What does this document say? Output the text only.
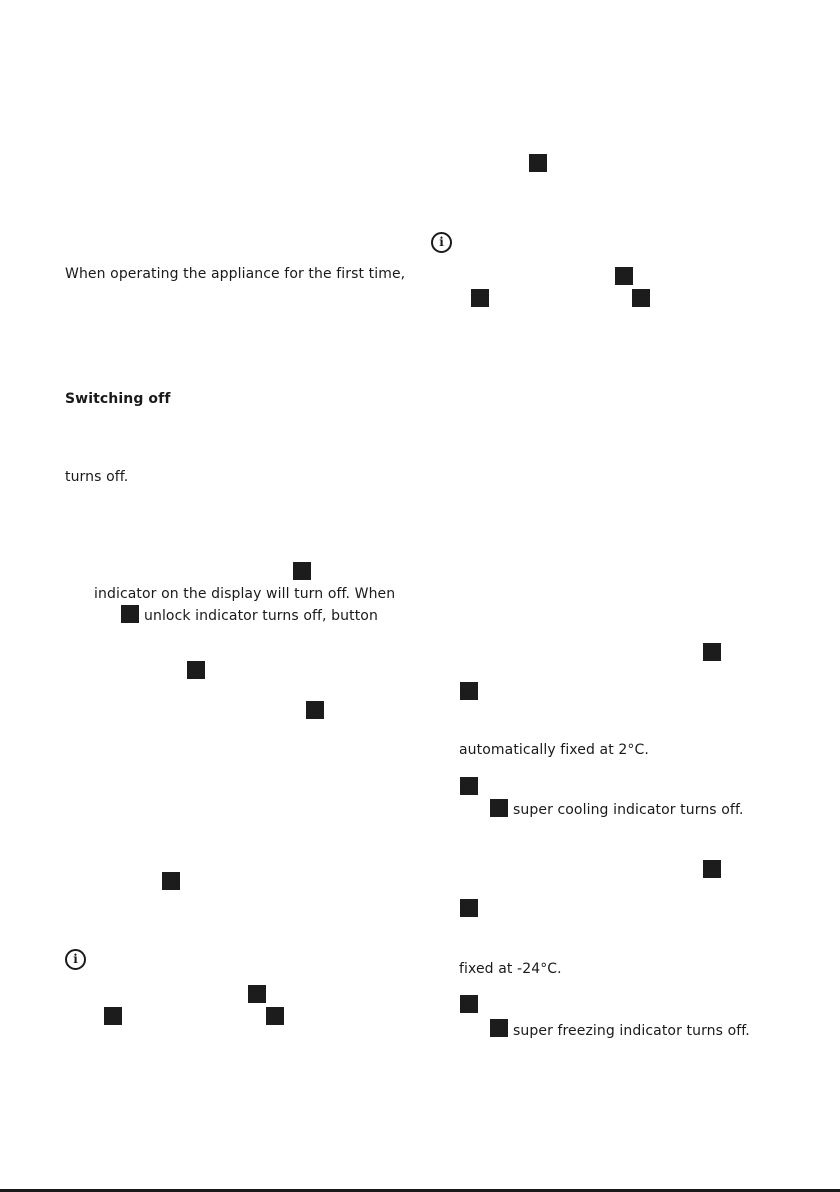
When operating the appliance for the first time,
Switching off
turns off.
indicator on the display will turn off. When
unlock indicator turns off, button
i
i
automatically fixed at 2°C.
super cooling indicator turns off.
fixed at -24°C.
super freezing indicator turns off.
